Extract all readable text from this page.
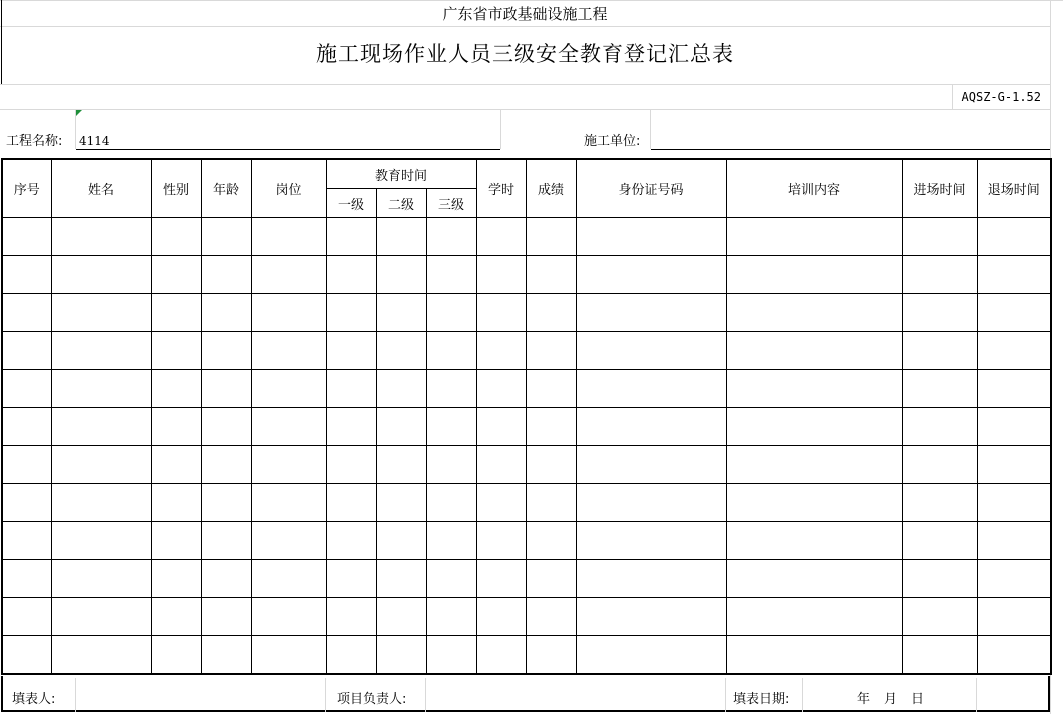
广东省市政基础设施工程
施工现场作业人员三级安全教育登记汇总表
AQSZ-G-1.52
工程名称: 4114	施工单位:
序号	姓名	性别	年龄	岗位	教育时间			学时	成绩	身份证号码	培训内容	进场时间	退场时间
					一级	二级	三级						

填表人:	项目负责人:	填表日期:	年 月 日
